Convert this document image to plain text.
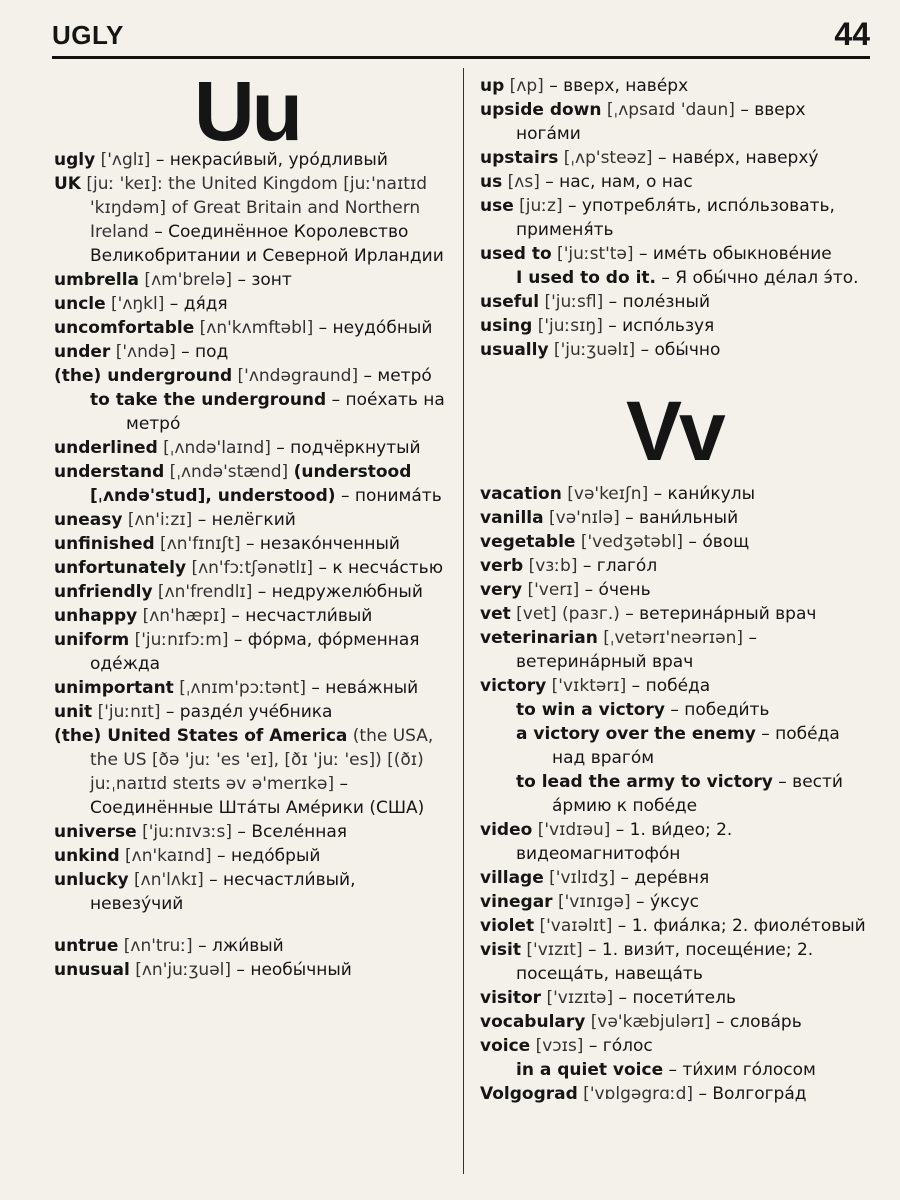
UGLY	44
Uu
ugly ['ʌglɪ] – некраси́вый, уро́дливый
UK [juː 'keɪ]: the United Kingdom [juː'naɪtɪd 'kɪŋdəm] of Great Britain and Northern Ireland – Соединённое Королевство Великобритании и Северной Ирландии
umbrella [ʌm'brelə] – зонт
uncle ['ʌŋkl] – дя́дя
uncomfortable [ʌn'kʌmftəbl] – неудо́бный
under ['ʌndə] – под
(the) underground ['ʌndəgraund] – метро́
to take the underground – поéхать на метро́
underlined [ˌʌndə'laɪnd] – подчёркнутый
understand [ˌʌndə'stænd] (understood [ˌʌndə'stud], understood) – понима́ть
uneasy [ʌn'iːzɪ] – нелёгкий
unfinished [ʌn'fɪnɪʃt] – незако́нченный
unfortunately [ʌn'fɔːtʃənətlɪ] – к несча́стью
unfriendly [ʌn'frendlɪ] – недружелю́бный
unhappy [ʌn'hæpɪ] – несчастли́вый
uniform ['juːnɪfɔːm] – фо́рма, фо́рменная оде́жда
unimportant [ˌʌnɪm'pɔːtənt] – нева́жный
unit ['juːnɪt] – разде́л уче́бника
(the) United States of America (the USA, the US [ðə 'juː 'es 'eɪ], [ðɪ 'juː 'es]) [(ðɪ) juːˌnaɪtɪd steɪts əv ə'merɪkə] – Соединённые Шта́ты Аме́рики (США)
universe ['juːnɪvɜːs] – Вселе́нная
unkind [ʌn'kaɪnd] – недо́брый
unlucky [ʌn'lʌkɪ] – несчастли́вый, невезу́чий
untrue [ʌn'truː] – лжи́вый
unusual [ʌn'juːʒuəl] – необы́чный
up [ʌp] – вверх, наве́рх
upside down [ˌʌpsaɪd 'daun] – вверх нога́ми
upstairs [ˌʌp'steəz] – наве́рх, наверху́
us [ʌs] – нас, нам, о нас
use [juːz] – употребля́ть, испо́льзовать, применя́ть
used to ['juːst'tə] – име́ть обыкнове́ние
I used to do it. – Я обы́чно де́лал э́то.
useful ['juːsfl] – поле́зный
using ['juːsɪŋ] – испо́льзуя
usually ['juːʒuəlɪ] – обы́чно
Vv
vacation [və'keɪʃn] – кани́кулы
vanilla [və'nɪlə] – вани́льный
vegetable ['vedʒətəbl] – о́вощ
verb [vɜːb] – глаго́л
very ['verɪ] – о́чень
vet [vet] (разг.) – ветерина́рный врач
veterinarian [ˌvetərɪ'neərɪən] – ветерина́рный врач
victory ['vɪktərɪ] – побе́да
to win a victory – победи́ть
a victory over the enemy – побе́да над враго́м
to lead the army to victory – вести́ а́рмию к побе́де
video ['vɪdɪəu] – 1. ви́део; 2. видеомагнитофо́н
village ['vɪlɪdʒ] – дере́вня
vinegar ['vɪnɪgə] – у́ксус
violet ['vaɪəlɪt] – 1. фиа́лка; 2. фиоле́товый
visit ['vɪzɪt] – 1. визи́т, посеще́ние; 2. посеща́ть, навеща́ть
visitor ['vɪzɪtə] – посети́тель
vocabulary [və'kæbjulərɪ] – слова́рь
voice [vɔɪs] – го́лос
in a quiet voice – ти́хим го́лосом
Volgograd ['vɒlgəgrɑːd] – Волгогра́д
